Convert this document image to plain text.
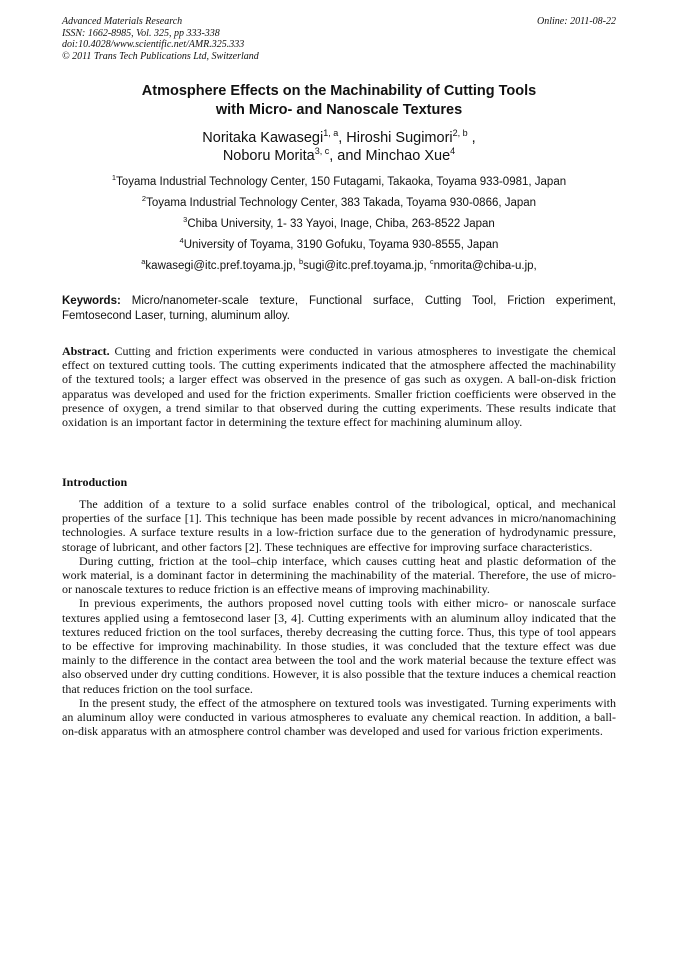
Advanced Materials Research
ISSN: 1662-8985, Vol. 325, pp 333-338
doi:10.4028/www.scientific.net/AMR.325.333
© 2011 Trans Tech Publications Ltd, Switzerland
Online: 2011-08-22
Atmosphere Effects on the Machinability of Cutting Tools
with Micro- and Nanoscale Textures
Noritaka Kawasegi$^{1, a}$, Hiroshi Sugimori$^{2, b}$ ,
Noboru Morita$^{3, c}$, and Minchao Xue$^4$
$^1$Toyama Industrial Technology Center, 150 Futagami, Takaoka, Toyama 933-0981, Japan
$^2$Toyama Industrial Technology Center, 383 Takada, Toyama 930-0866, Japan
$^3$Chiba University, 1- 33 Yayoi, Inage, Chiba, 263-8522 Japan
$^4$University of Toyama, 3190 Gofuku, Toyama 930-8555, Japan
$^a$kawasegi@itc.pref.toyama.jp, $^b$sugi@itc.pref.toyama.jp, $^c$nmorita@chiba-u.jp,
Keywords: Micro/nanometer-scale texture, Functional surface, Cutting Tool, Friction experiment, Femtosecond Laser, turning, aluminum alloy.
Abstract. Cutting and friction experiments were conducted in various atmospheres to investigate the chemical effect on textured cutting tools. The cutting experiments indicated that the atmosphere affected the machinability of the textured tools; a larger effect was observed in the presence of gas such as oxygen. A ball-on-disk friction apparatus was developed and used for the friction experiments. Smaller friction coefficients were observed in the presence of oxygen, a trend similar to that observed during the cutting experiments. These results indicate that oxidation is an important factor in determining the texture effect for machining aluminum alloy.
Introduction

The addition of a texture to a solid surface enables control of the tribological, optical, and mechanical properties of the surface [1]. This technique has been made possible by recent advances in micro/nanomachining technologies. A surface texture results in a low-friction surface due to the generation of hydrodynamic pressure, storage of lubricant, and other factors [2]. These techniques are effective for improving surface characteristics.

During cutting, friction at the tool–chip interface, which causes cutting heat and plastic deformation of the work material, is a dominant factor in determining the machinability of the material. Therefore, the use of micro- or nanoscale textures to reduce friction is an effective means of improving machinability.

In previous experiments, the authors proposed novel cutting tools with either micro- or nanoscale surface textures applied using a femtosecond laser [3, 4]. Cutting experiments with an aluminum alloy indicated that the textures reduced friction on the tool surfaces, thereby decreasing the cutting force. Thus, this type of tool appears to be effective for improving machinability. In those studies, it was concluded that the texture effect was due mainly to the difference in the contact area between the tool and the work material because the texture effect was also observed under dry cutting conditions. However, it is also possible that the texture induces a chemical reaction that reduces friction on the tool surface.

In the present study, the effect of the atmosphere on textured tools was investigated. Turning experiments with an aluminum alloy were conducted in various atmospheres to evaluate any chemical reaction. In addition, a ball-on-disk apparatus with an atmosphere control chamber was developed and used for various friction experiments.
